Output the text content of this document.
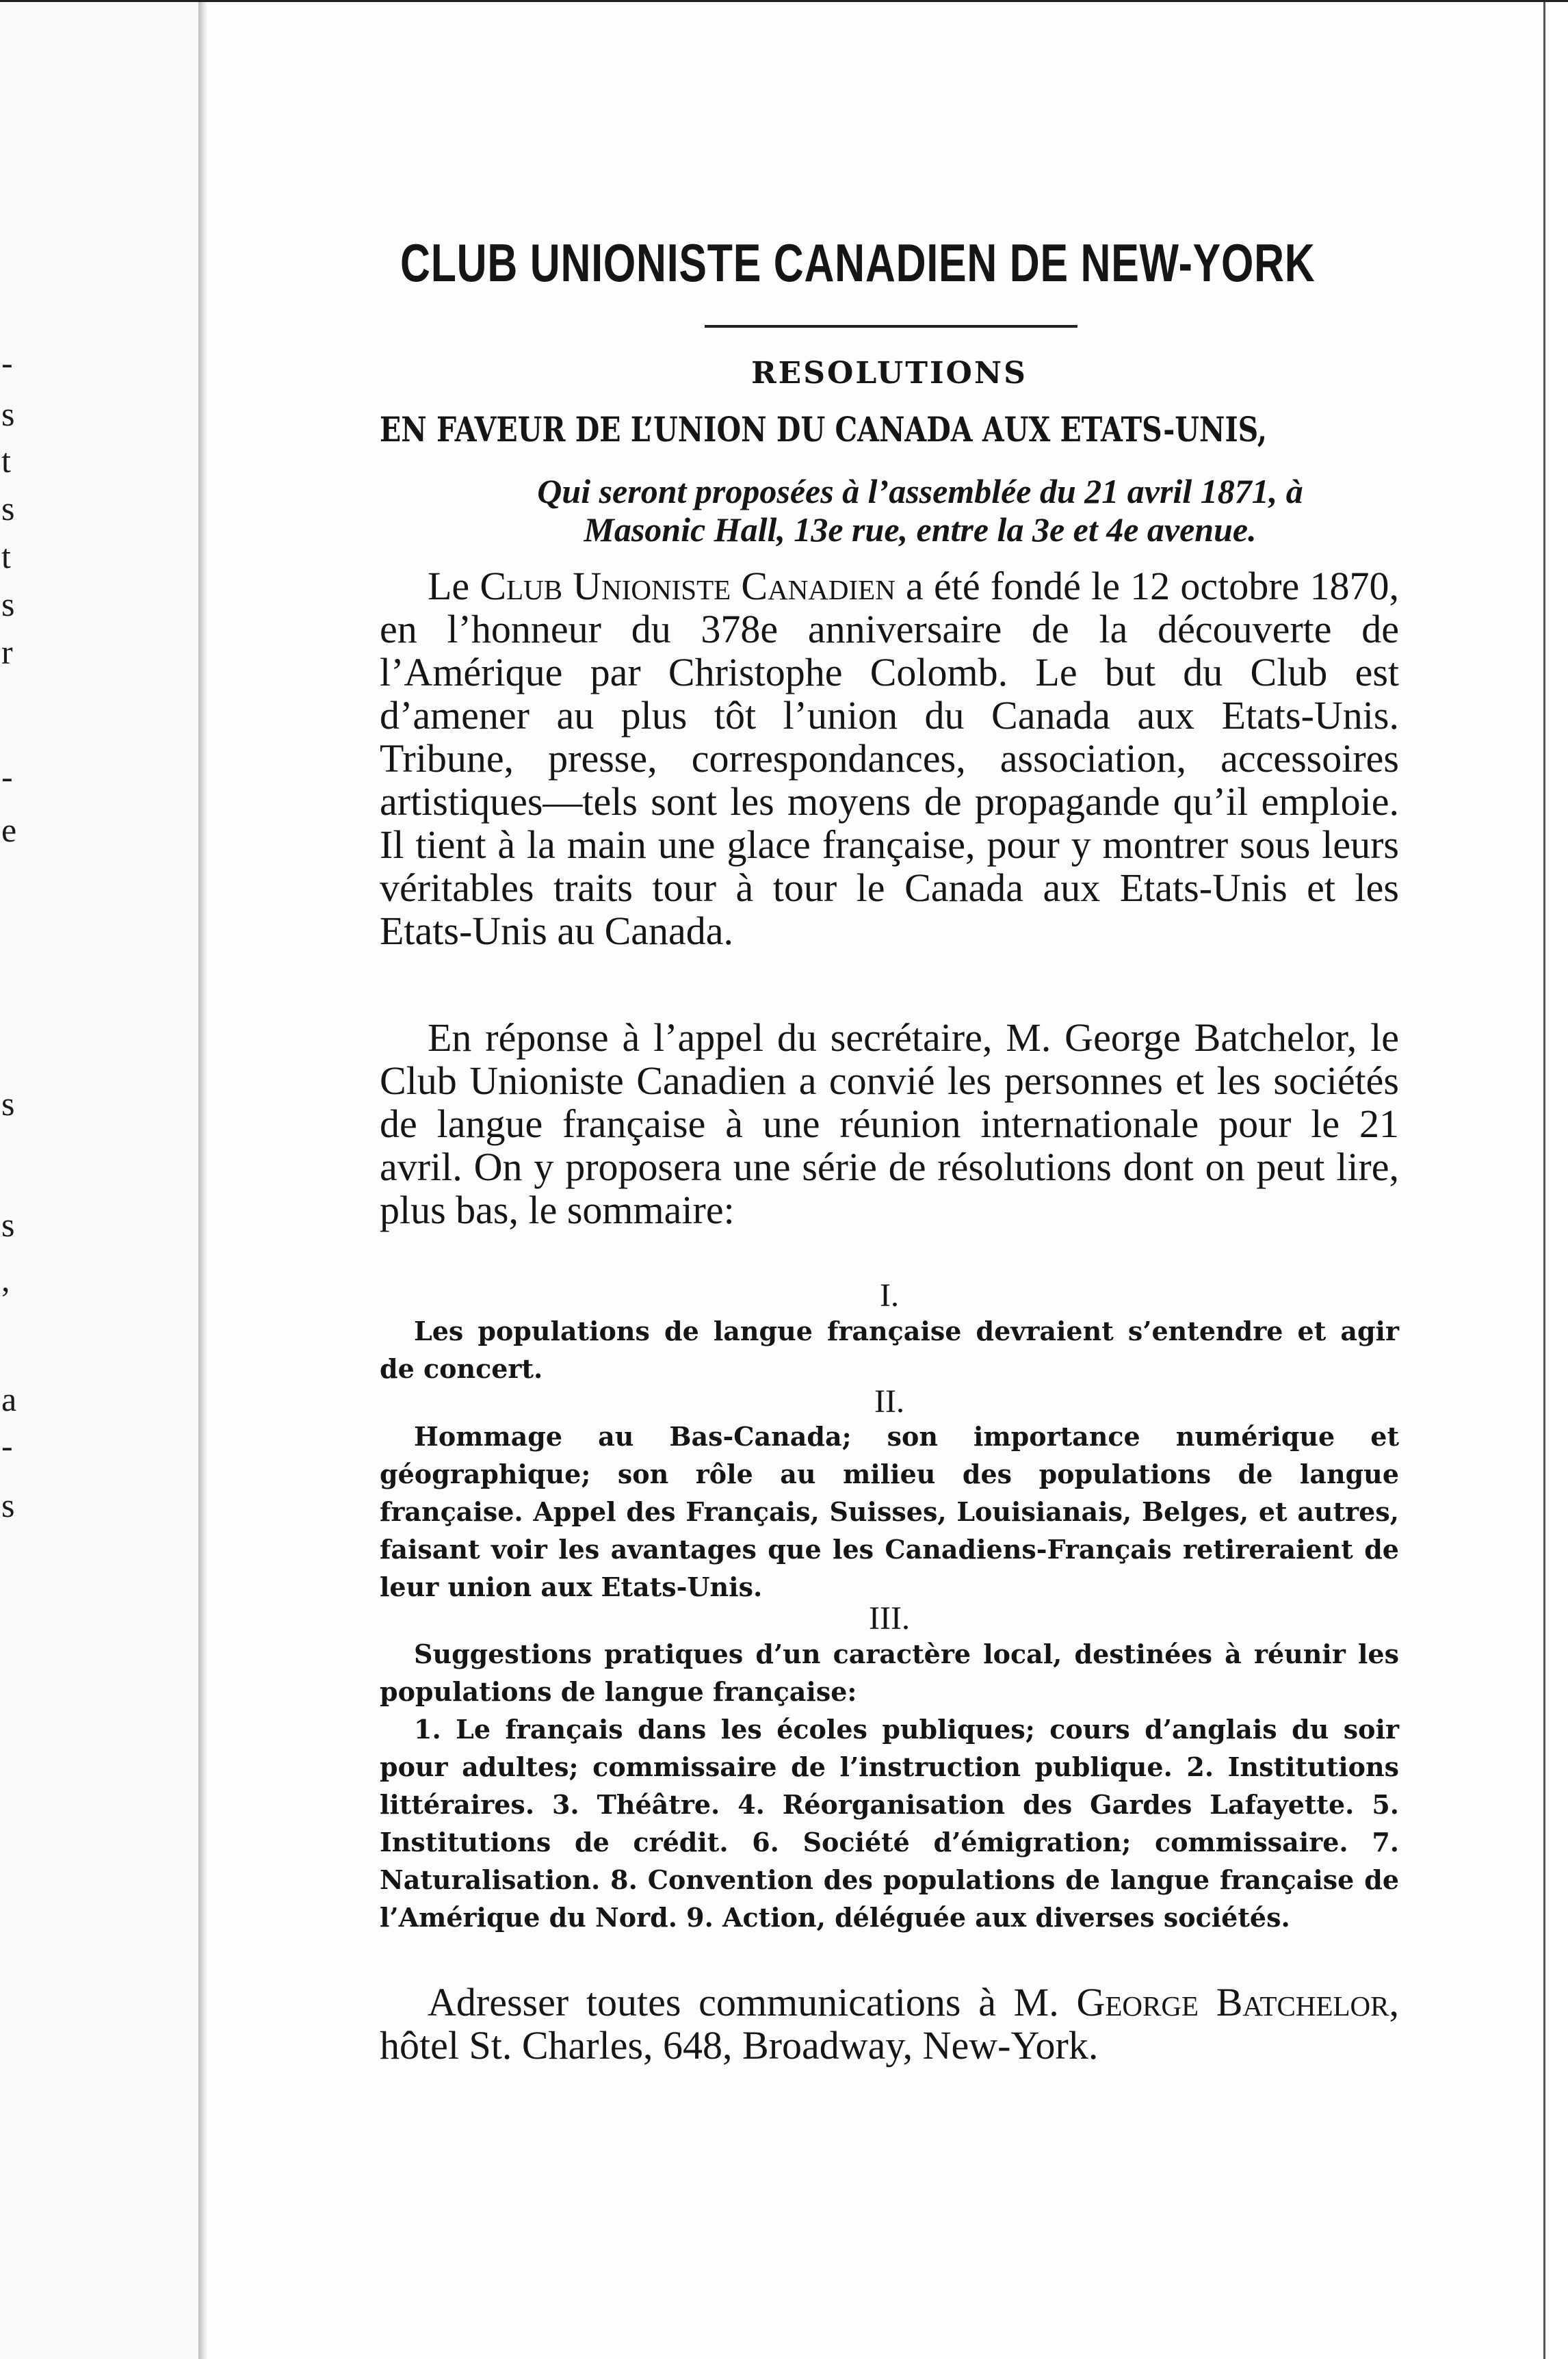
-
s
t
s
t
s
r
-
e
s
s
,
a
-
s
CLUB UNIONISTE CANADIEN DE NEW-YORK
RESOLUTIONS
EN FAVEUR DE L’UNION DU CANADA AUX ETATS-UNIS,
Qui seront proposées à l’assemblée du 21 avril 1871, à
Masonic Hall, 13e rue, entre la 3e et 4e avenue.
Le Club Unioniste Canadien a été fondé le 12 octobre 1870, en l’honneur du 378e anniversaire de la découverte de l’Amérique par Christophe Colomb. Le but du Club est d’amener au plus tôt l’union du Canada aux Etats-Unis. Tribune, presse, correspondances, association, accessoires artistiques—tels sont les moyens de propagande qu’il emploie. Il tient à la main une glace française, pour y montrer sous leurs véritables traits tour à tour le Canada aux Etats-Unis et les Etats-Unis au Canada.
En réponse à l’appel du secrétaire, M. George Batchelor, le Club Unioniste Canadien a convié les personnes et les sociétés de langue française à une réunion internationale pour le 21 avril. On y proposera une série de résolutions dont on peut lire, plus bas, le sommaire:
I.
Les populations de langue française devraient s’entendre et agir de concert.
II.
Hommage au Bas-Canada; son importance numérique et géographique; son rôle au milieu des populations de langue française. Appel des Français, Suisses, Louisianais, Belges, et autres, faisant voir les avantages que les Canadiens-Français retireraient de leur union aux Etats-Unis.
III.
Suggestions pratiques d’un caractère local, destinées à réunir les populations de langue française:
1. Le français dans les écoles publiques; cours d’anglais du soir pour adultes; commissaire de l’instruction publique. 2. Institutions littéraires. 3. Théâtre. 4. Réorganisation des Gardes Lafayette. 5. Institutions de crédit. 6. Société d’émigration; commissaire. 7. Naturalisation. 8. Convention des populations de langue française de l’Amérique du Nord. 9. Action, déléguée aux diverses sociétés.
Adresser toutes communications à M. George Batchelor, hôtel St. Charles, 648, Broadway, New-York.
